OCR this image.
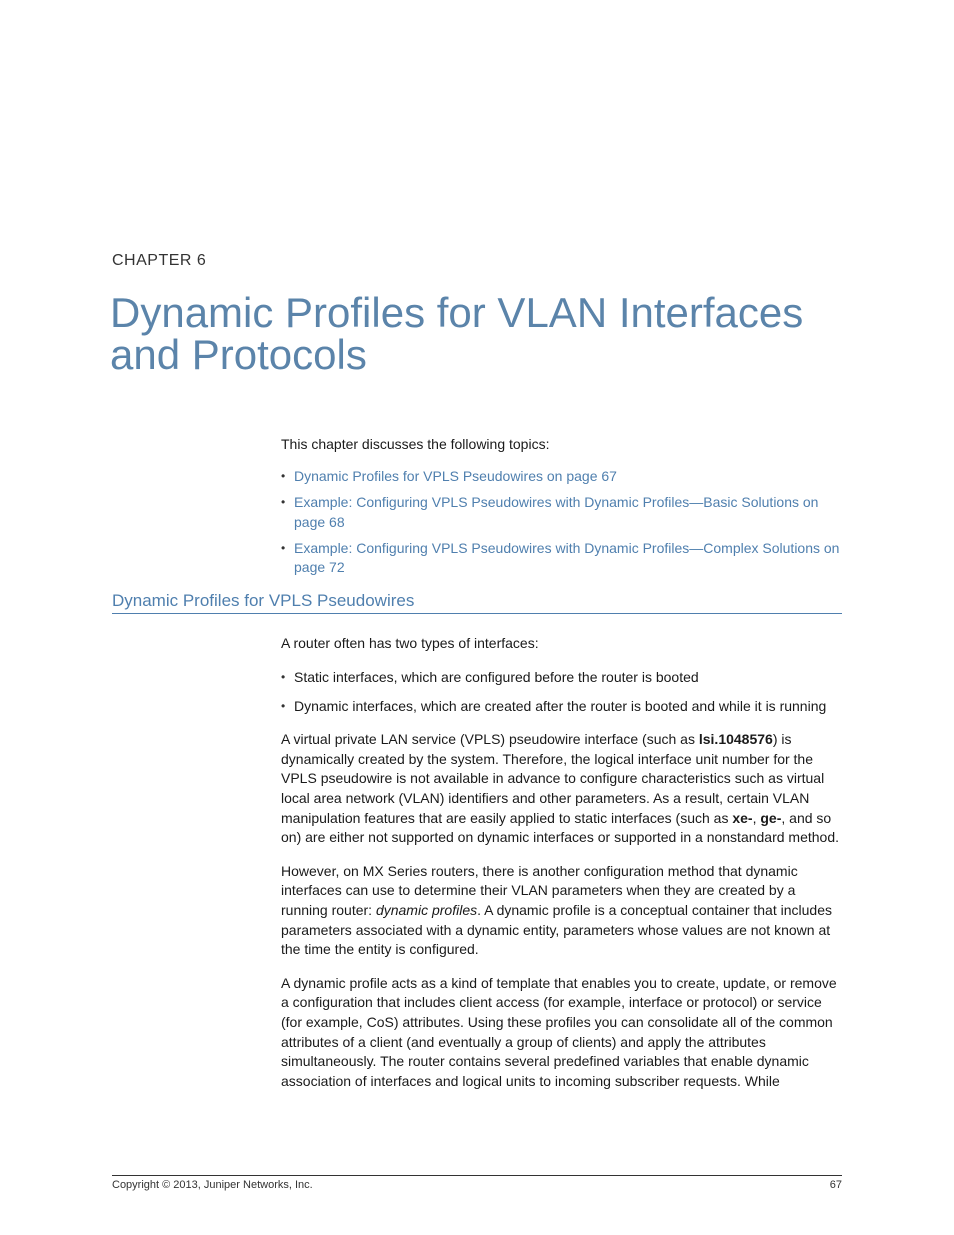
CHAPTER 6
Dynamic Profiles for VLAN Interfaces and Protocols
This chapter discusses the following topics:
• Dynamic Profiles for VPLS Pseudowires on page 67
• Example: Configuring VPLS Pseudowires with Dynamic Profiles—Basic Solutions on page 68
• Example: Configuring VPLS Pseudowires with Dynamic Profiles—Complex Solutions on page 72
Dynamic Profiles for VPLS Pseudowires

A router often has two types of interfaces:

• Static interfaces, which are configured before the router is booted
• Dynamic interfaces, which are created after the router is booted and while it is running

A virtual private LAN service (VPLS) pseudowire interface (such as lsi.1048576) is dynamically created by the system. Therefore, the logical interface unit number for the VPLS pseudowire is not available in advance to configure characteristics such as virtual local area network (VLAN) identifiers and other parameters. As a result, certain VLAN manipulation features that are easily applied to static interfaces (such as xe-, ge-, and so on) are either not supported on dynamic interfaces or supported in a nonstandard method.

However, on MX Series routers, there is another configuration method that dynamic interfaces can use to determine their VLAN parameters when they are created by a running router: dynamic profiles. A dynamic profile is a conceptual container that includes parameters associated with a dynamic entity, parameters whose values are not known at the time the entity is configured.

A dynamic profile acts as a kind of template that enables you to create, update, or remove a configuration that includes client access (for example, interface or protocol) or service (for example, CoS) attributes. Using these profiles you can consolidate all of the common attributes of a client (and eventually a group of clients) and apply the attributes simultaneously. The router contains several predefined variables that enable dynamic association of interfaces and logical units to incoming subscriber requests. While

Copyright © 2013, Juniper Networks, Inc.	67
